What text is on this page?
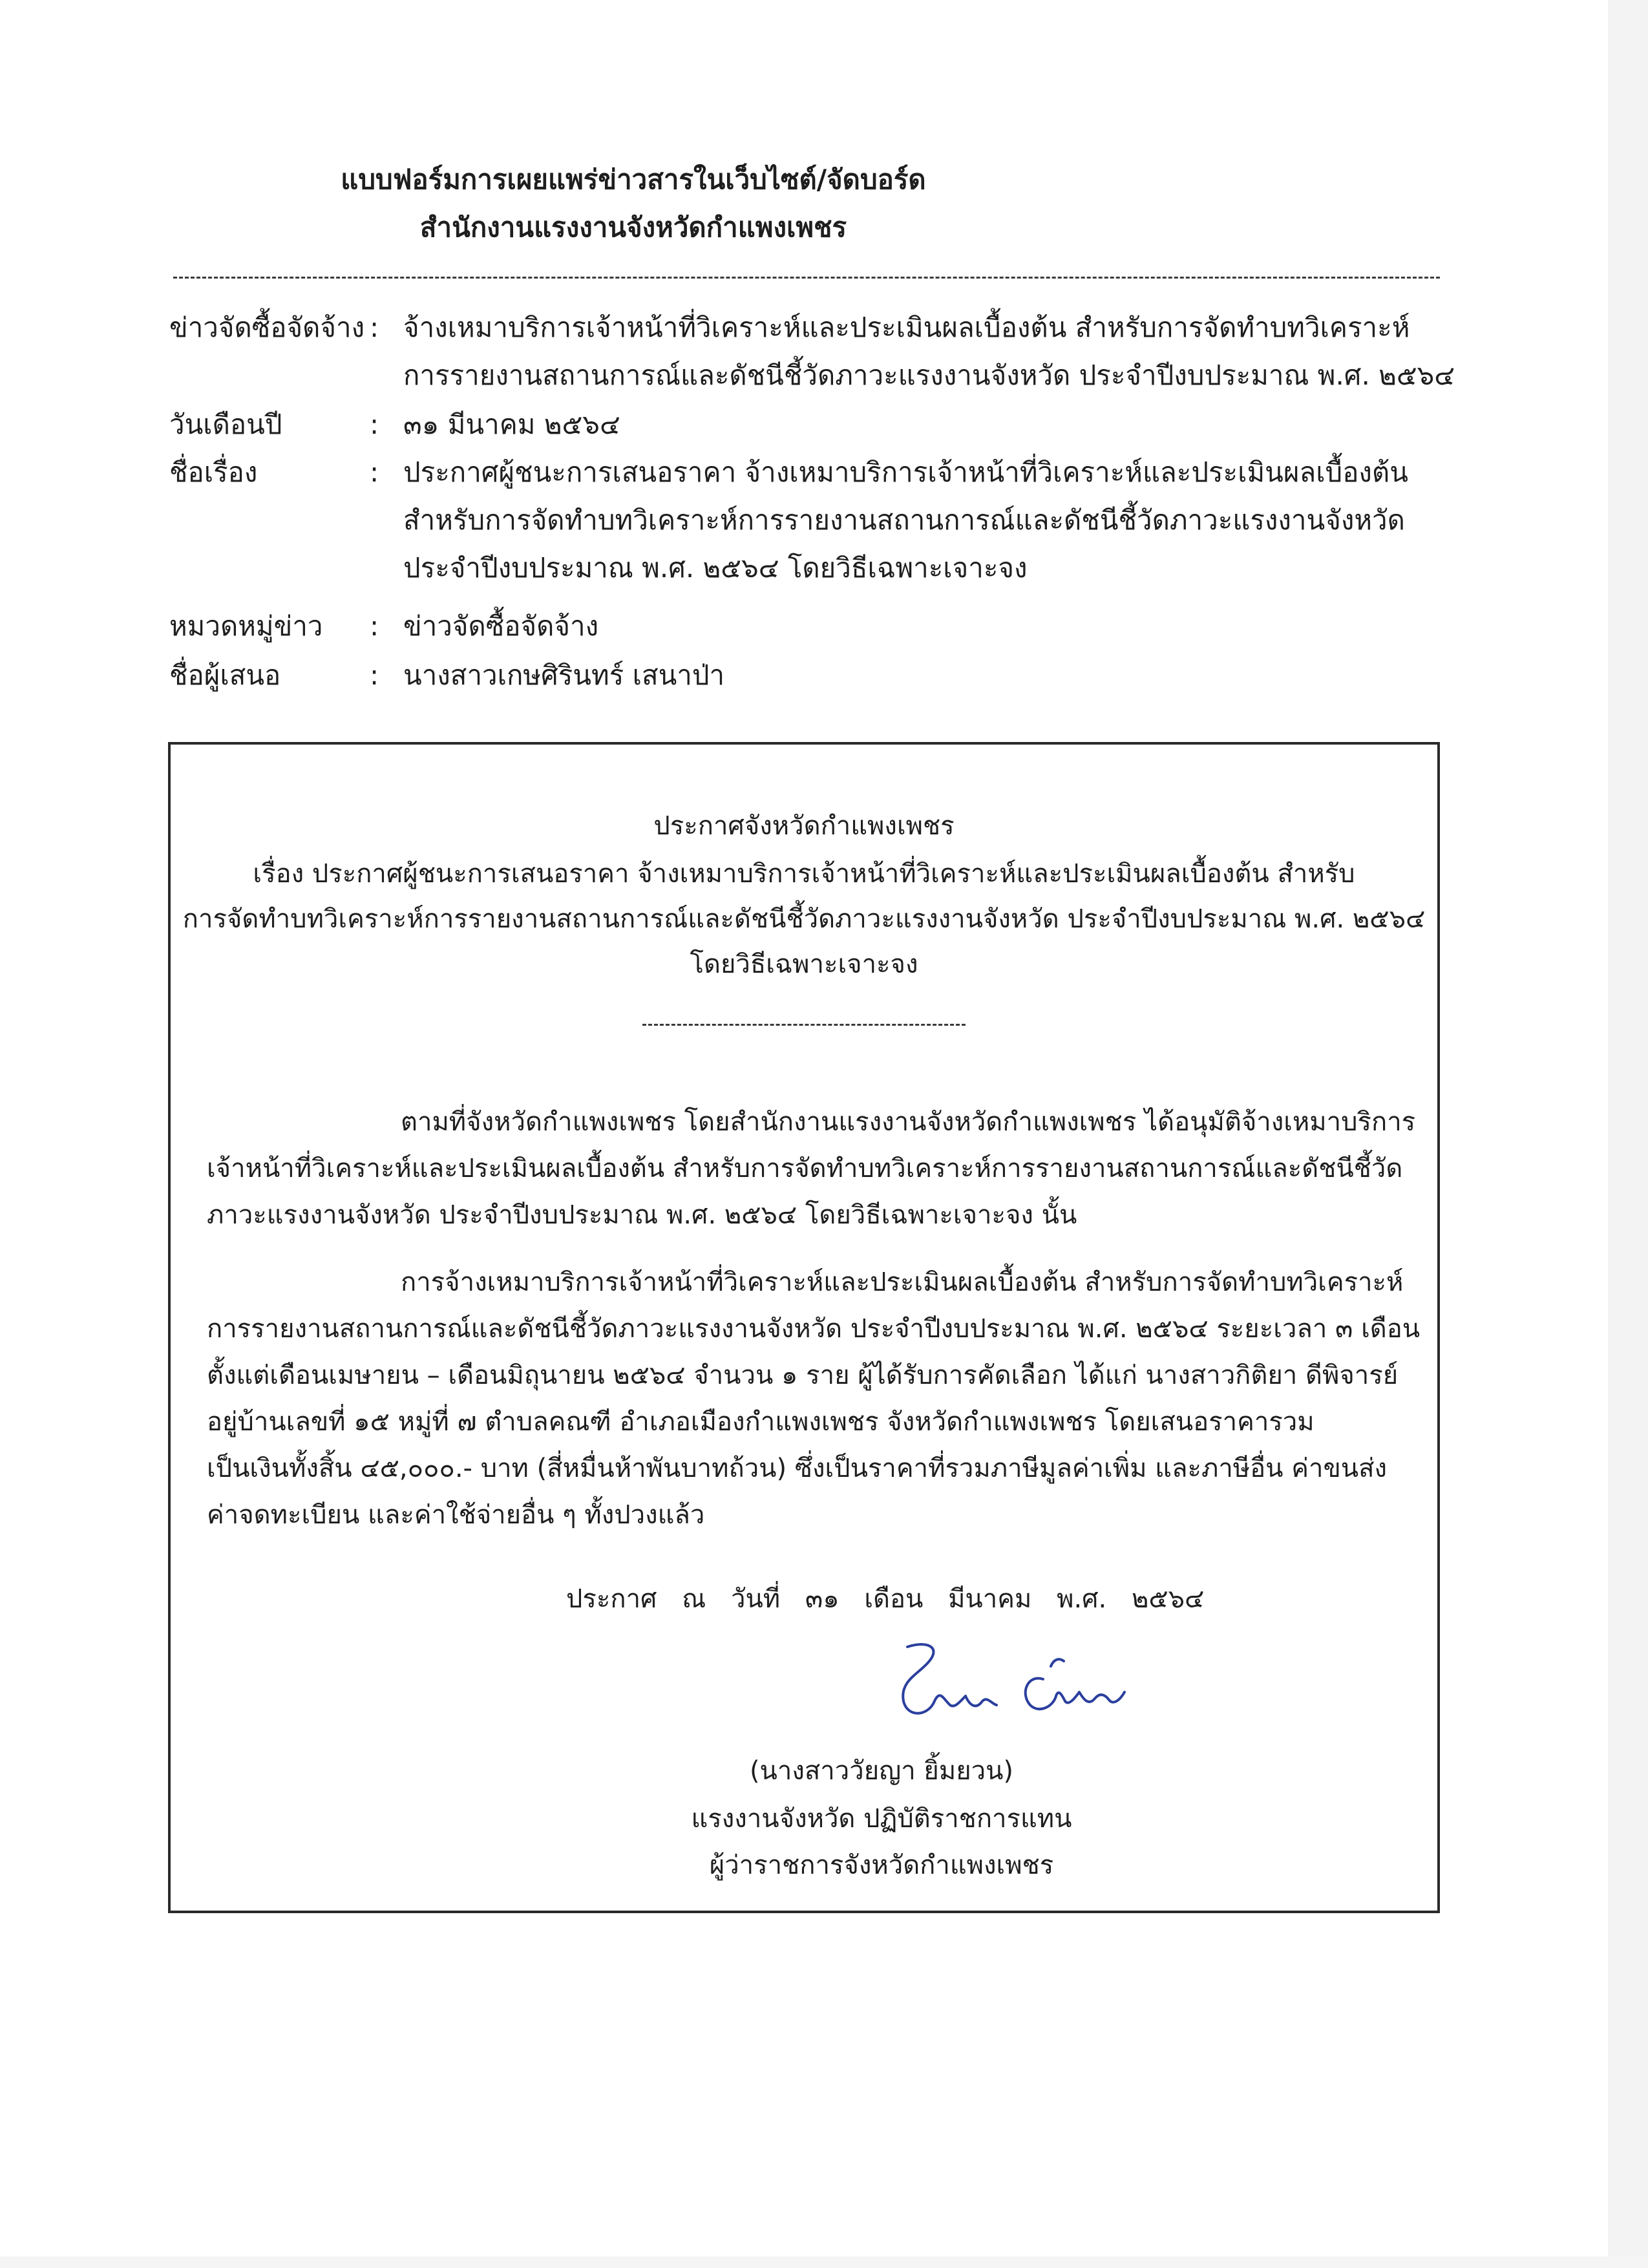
แบบฟอร์มการเผยแพร่ข่าวสารในเว็บไซต์/จัดบอร์ด
สำนักงานแรงงานจังหวัดกำแพงเพชร
ข่าวจัดซื้อจัดจ้าง : จ้างเหมาบริการเจ้าหน้าที่วิเคราะห์และประเมินผลเบื้องต้น สำหรับการจัดทำบทวิเคราะห์
การรายงานสถานการณ์และดัชนีชี้วัดภาวะแรงงานจังหวัด ประจำปีงบประมาณ พ.ศ. ๒๕๖๔
วันเดือนปี	: ๓๑ มีนาคม ๒๕๖๔
ชื่อเรื่อง	: ประกาศผู้ชนะการเสนอราคา จ้างเหมาบริการเจ้าหน้าที่วิเคราะห์และประเมินผลเบื้องต้น
สำหรับการจัดทำบทวิเคราะห์การรายงานสถานการณ์และดัชนีชี้วัดภาวะแรงงานจังหวัด
ประจำปีงบประมาณ พ.ศ. ๒๕๖๔ โดยวิธีเฉพาะเจาะจง
หมวดหมู่ข่าว : ข่าวจัดซื้อจัดจ้าง
ชื่อผู้เสนอ	: นางสาวเกษศิรินทร์ เสนาป่า
ประกาศจังหวัดกำแพงเพชร
เรื่อง ประกาศผู้ชนะการเสนอราคา จ้างเหมาบริการเจ้าหน้าที่วิเคราะห์และประเมินผลเบื้องต้น สำหรับ
การจัดทำบทวิเคราะห์การรายงานสถานการณ์และดัชนีชี้วัดภาวะแรงงานจังหวัด ประจำปีงบประมาณ พ.ศ. ๒๕๖๔
โดยวิธีเฉพาะเจาะจง
ตามที่จังหวัดกำแพงเพชร โดยสำนักงานแรงงานจังหวัดกำแพงเพชร ได้อนุมัติจ้างเหมาบริการ
เจ้าหน้าที่วิเคราะห์และประเมินผลเบื้องต้น สำหรับการจัดทำบทวิเคราะห์การรายงานสถานการณ์และดัชนีชี้วัด
ภาวะแรงงานจังหวัด ประจำปีงบประมาณ พ.ศ. ๒๕๖๔ โดยวิธีเฉพาะเจาะจง นั้น
การจ้างเหมาบริการเจ้าหน้าที่วิเคราะห์และประเมินผลเบื้องต้น สำหรับการจัดทำบทวิเคราะห์
การรายงานสถานการณ์และดัชนีชี้วัดภาวะแรงงานจังหวัด ประจำปีงบประมาณ พ.ศ. ๒๕๖๔ ระยะเวลา ๓ เดือน
ตั้งแต่เดือนเมษายน – เดือนมิถุนายน ๒๕๖๔ จำนวน ๑ ราย ผู้ได้รับการคัดเลือก ได้แก่ นางสาวกิติยา ดีพิจารย์
อยู่บ้านเลขที่ ๑๕ หมู่ที่ ๗ ตำบลคณฑี อำเภอเมืองกำแพงเพชร จังหวัดกำแพงเพชร โดยเสนอราคารวม
เป็นเงินทั้งสิ้น ๔๕,๐๐๐.- บาท (สี่หมื่นห้าพันบาทถ้วน) ซึ่งเป็นราคาที่รวมภาษีมูลค่าเพิ่ม และภาษีอื่น ค่าขนส่ง
ค่าจดทะเบียน และค่าใช้จ่ายอื่น ๆ ทั้งปวงแล้ว
ประกาศ ณ วันที่ ๓๑ เดือน มีนาคม พ.ศ. ๒๕๖๔
(นางสาววัยญา ยิ้มยวน)
แรงงานจังหวัด ปฏิบัติราชการแทน
ผู้ว่าราชการจังหวัดกำแพงเพชร
